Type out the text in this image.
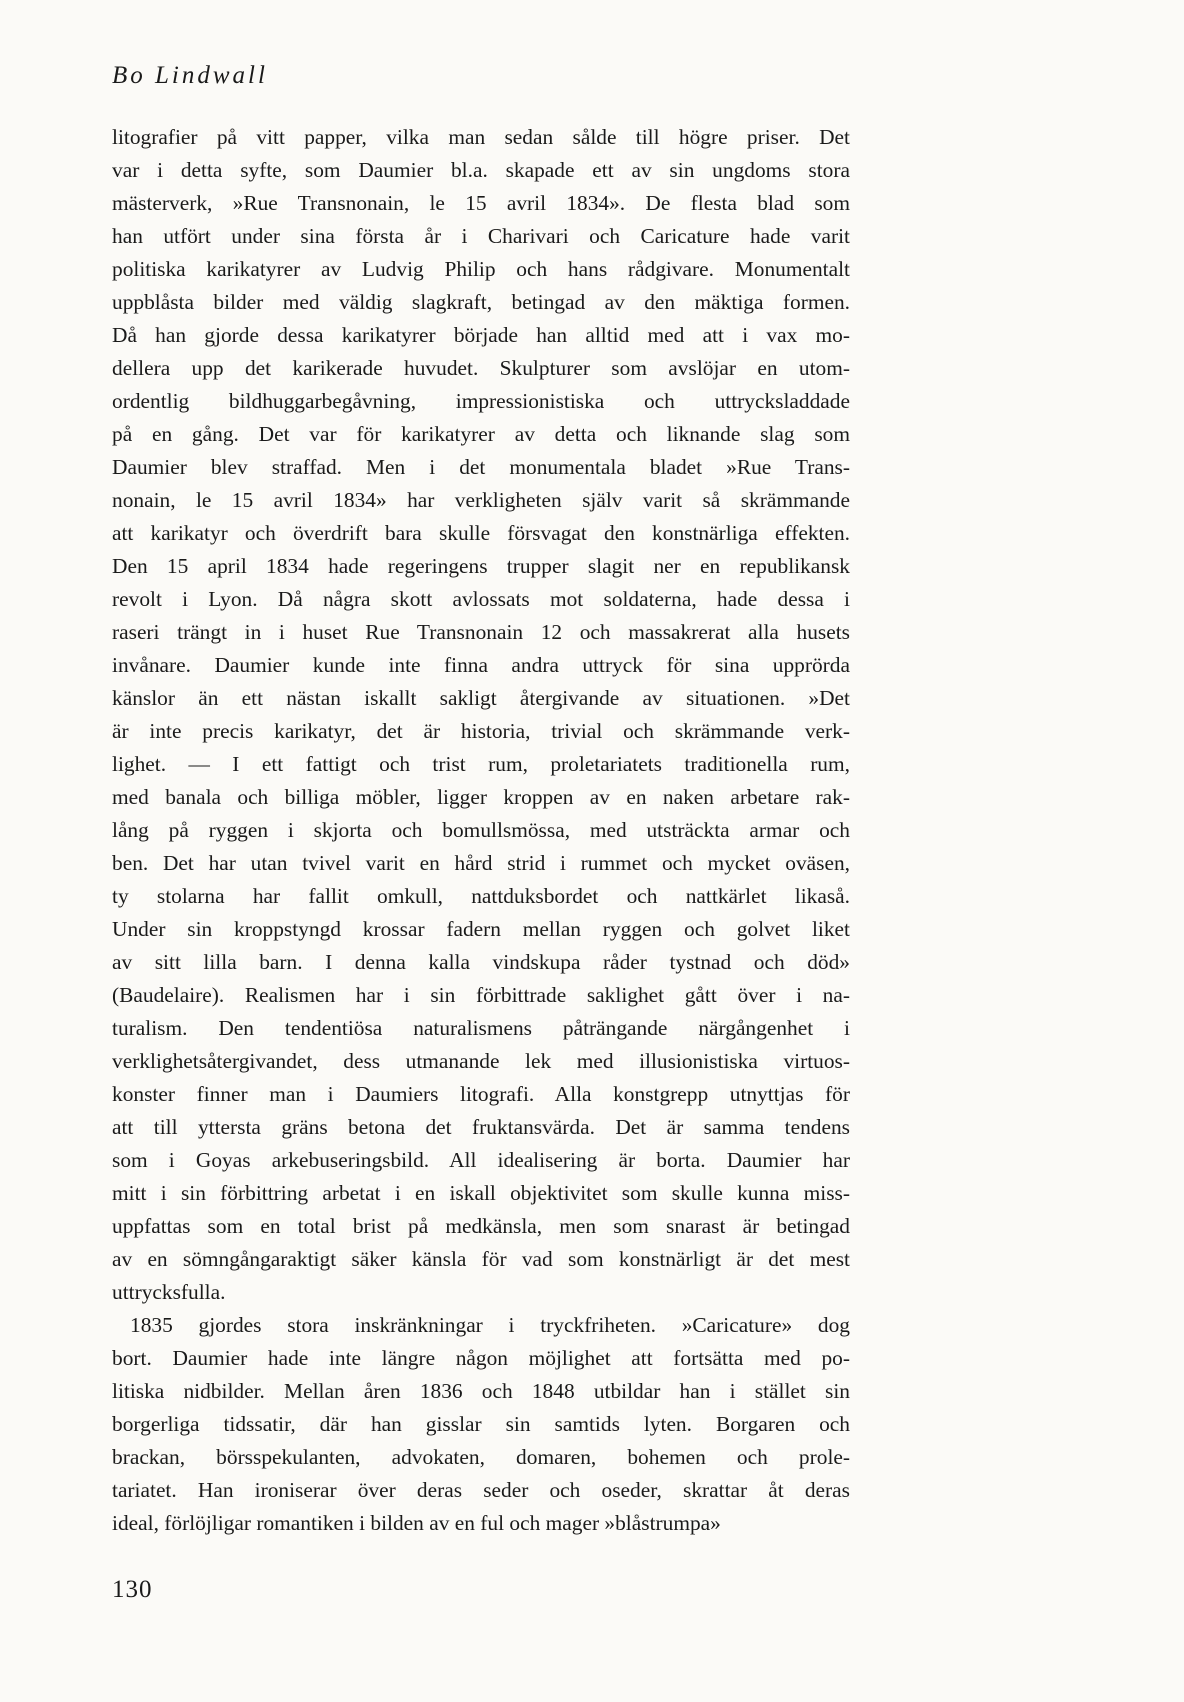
Bo Lindwall

litografier på vitt papper, vilka man sedan sålde till högre priser. Det
var i detta syfte, som Daumier bl.a. skapade ett av sin ungdoms stora
mästerverk, »Rue Transnonain, le 15 avril 1834». De flesta blad som
han utfört under sina första år i Charivari och Caricature hade varit
politiska karikatyrer av Ludvig Philip och hans rådgivare. Monumentalt
uppblåsta bilder med väldig slagkraft, betingad av den mäktiga formen.
Då han gjorde dessa karikatyrer började han alltid med att i vax mo-
dellera upp det karikerade huvudet. Skulpturer som avslöjar en utom-
ordentlig bildhuggarbegåvning, impressionistiska och uttrycksladdade
på en gång. Det var för karikatyrer av detta och liknande slag som
Daumier blev straffad. Men i det monumentala bladet »Rue Trans-
nonain, le 15 avril 1834» har verkligheten själv varit så skrämmande
att karikatyr och överdrift bara skulle försvagat den konstnärliga effekten.
Den 15 april 1834 hade regeringens trupper slagit ner en republikansk
revolt i Lyon. Då några skott avlossats mot soldaterna, hade dessa i
raseri trängt in i huset Rue Transnonain 12 och massakrerat alla husets
invånare. Daumier kunde inte finna andra uttryck för sina upprörda
känslor än ett nästan iskallt sakligt återgivande av situationen. »Det
är inte precis karikatyr, det är historia, trivial och skrämmande verk-
lighet. — I ett fattigt och trist rum, proletariatets traditionella rum,
med banala och billiga möbler, ligger kroppen av en naken arbetare rak-
lång på ryggen i skjorta och bomullsmössa, med utsträckta armar och
ben. Det har utan tvivel varit en hård strid i rummet och mycket oväsen,
ty stolarna har fallit omkull, nattduksbordet och nattkärlet likaså.
Under sin kroppstyngd krossar fadern mellan ryggen och golvet liket
av sitt lilla barn. I denna kalla vindskupa råder tystnad och död»
(Baudelaire). Realismen har i sin förbittrade saklighet gått över i na-
turalism. Den tendentiösa naturalismens påträngande närgångenhet i
verklighetsåtergivandet, dess utmanande lek med illusionistiska virtuos-
konster finner man i Daumiers litografi. Alla konstgrepp utnyttjas för
att till yttersta gräns betona det fruktansvärda. Det är samma tendens
som i Goyas arkebuseringsbild. All idealisering är borta. Daumier har
mitt i sin förbittring arbetat i en iskall objektivitet som skulle kunna miss-
uppfattas som en total brist på medkänsla, men som snarast är betingad
av en sömngångaraktigt säker känsla för vad som konstnärligt är det mest
uttrycksfulla.
1835 gjordes stora inskränkningar i tryckfriheten. »Caricature» dog
bort. Daumier hade inte längre någon möjlighet att fortsätta med po-
litiska nidbilder. Mellan åren 1836 och 1848 utbildar han i stället sin
borgerliga tidssatir, där han gisslar sin samtids lyten. Borgaren och
brackan, börsspekulanten, advokaten, domaren, bohemen och prole-
tariatet. Han ironiserar över deras seder och oseder, skrattar åt deras
ideal, förlöjligar romantiken i bilden av en ful och mager »blåstrumpa»

130
